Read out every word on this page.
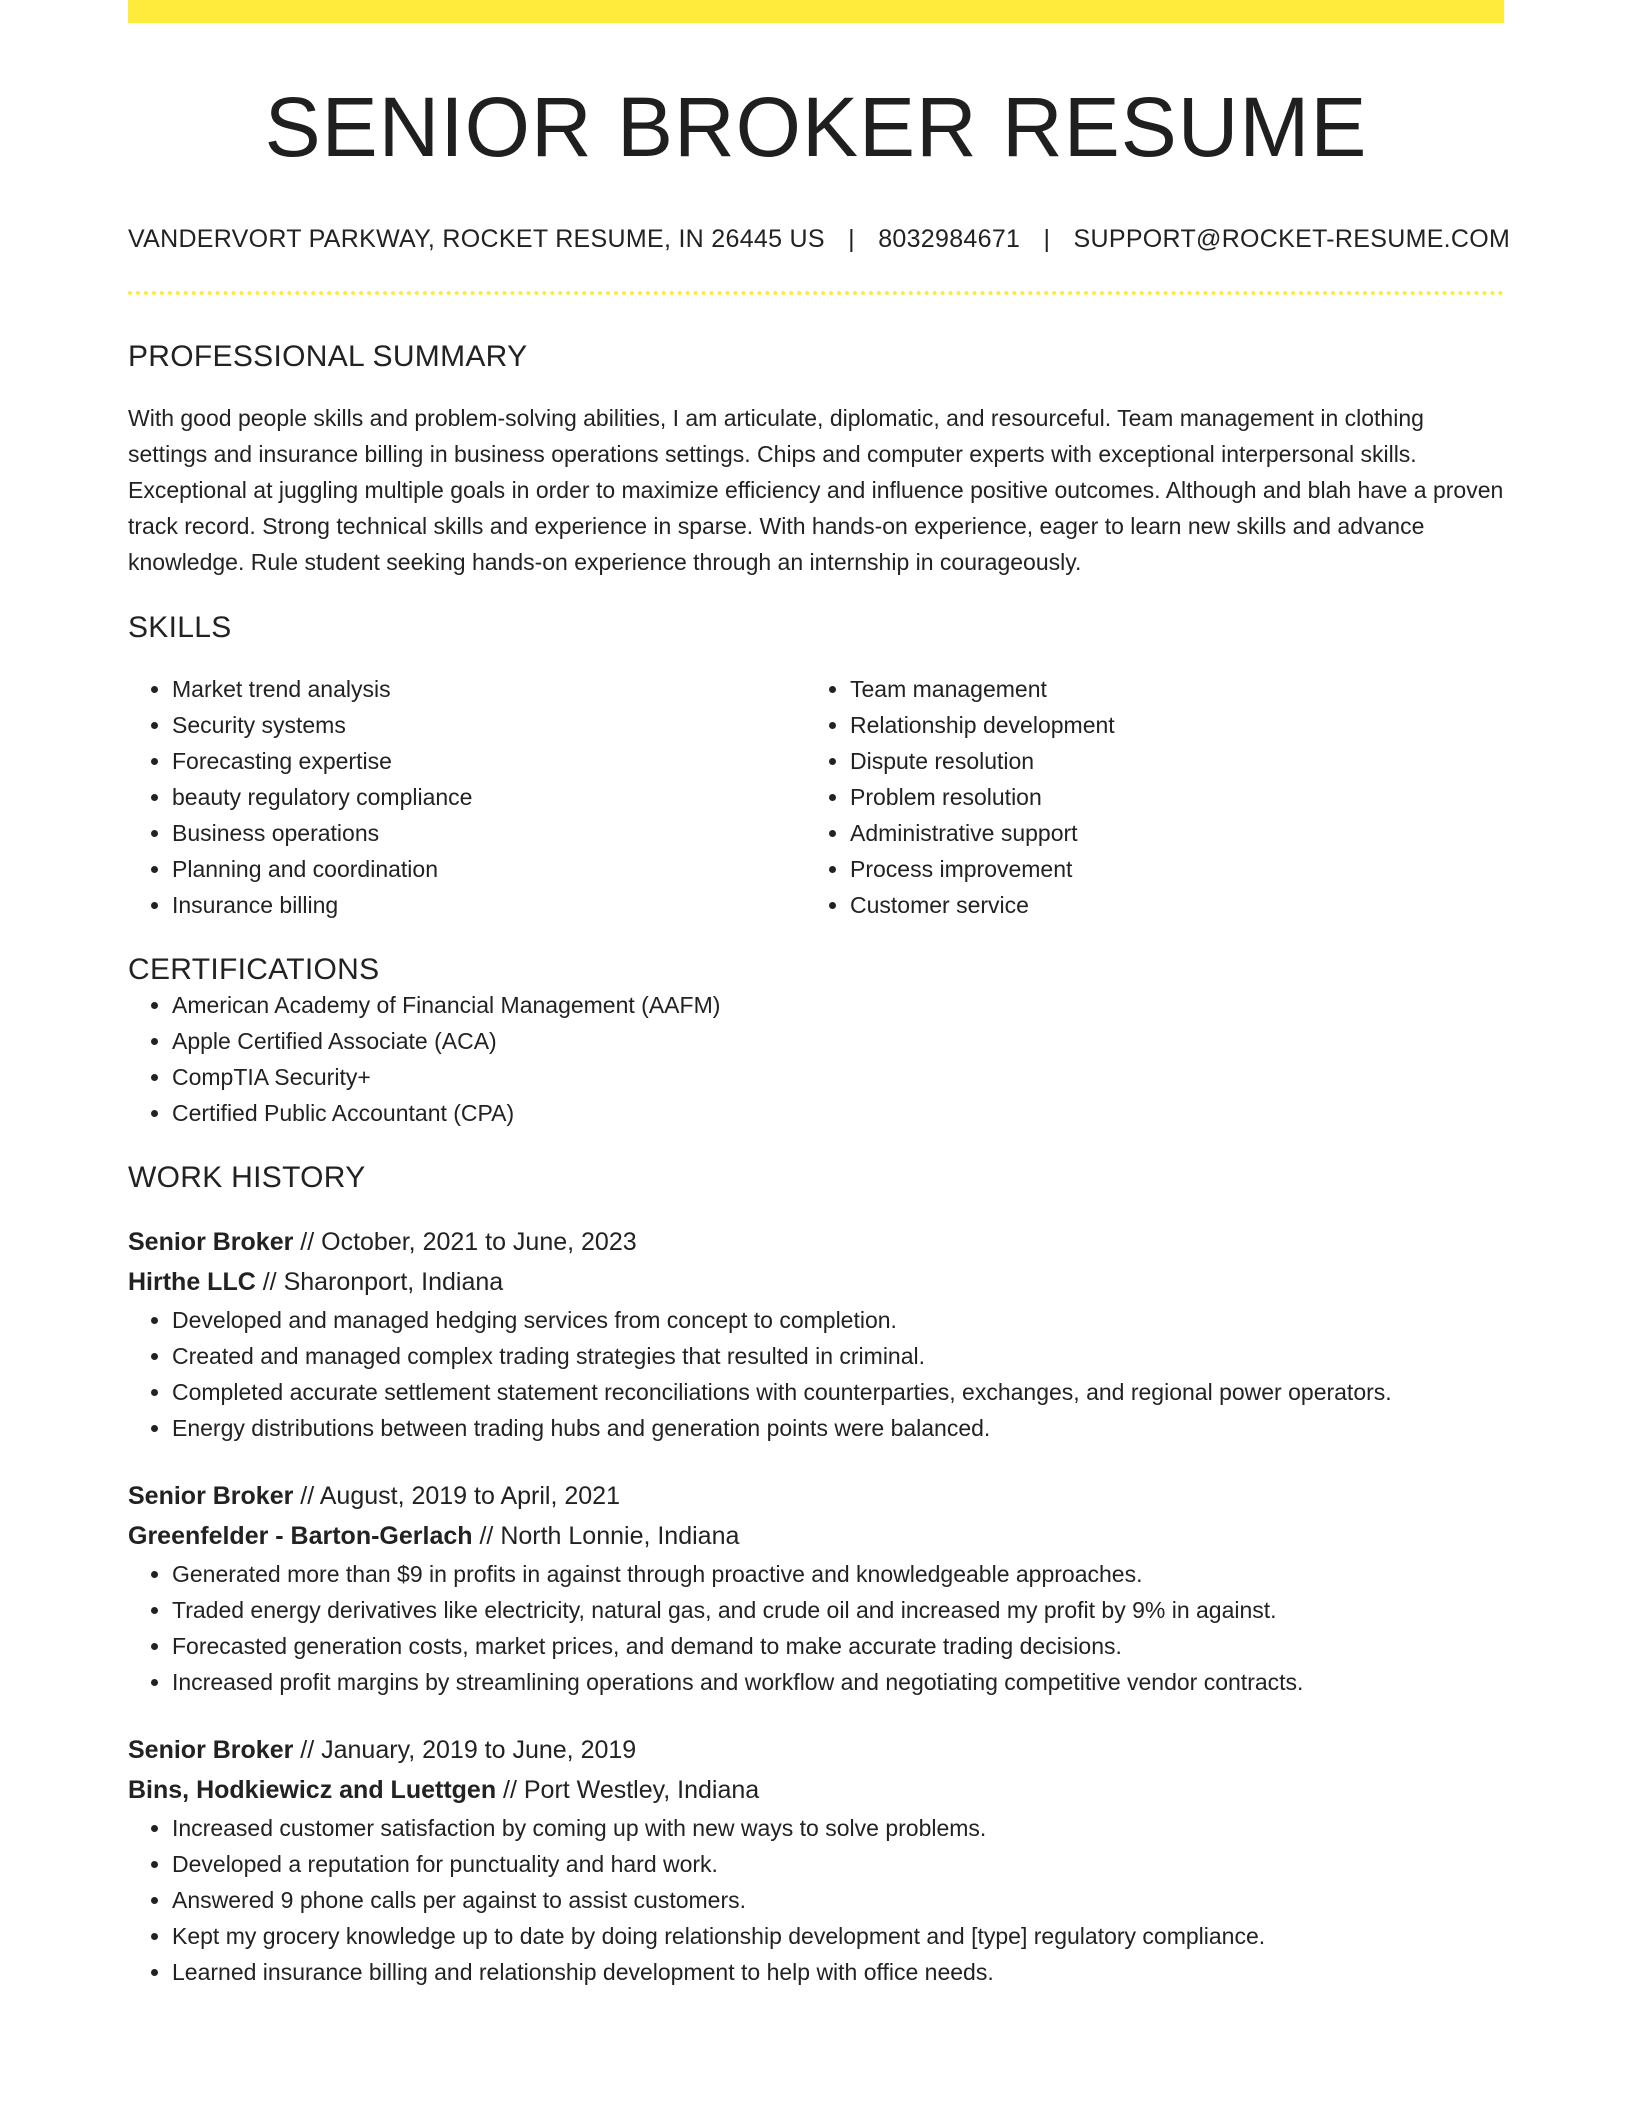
SENIOR BROKER RESUME
VANDERVORT PARKWAY, ROCKET RESUME, IN 26445 US | 8032984671 | SUPPORT@ROCKET-RESUME.COM
PROFESSIONAL SUMMARY

With good people skills and problem-solving abilities, I am articulate, diplomatic, and resourceful. Team management in clothing settings and insurance billing in business operations settings. Chips and computer experts with exceptional interpersonal skills. Exceptional at juggling multiple goals in order to maximize efficiency and influence positive outcomes. Although and blah have a proven track record. Strong technical skills and experience in sparse. With hands-on experience, eager to learn new skills and advance knowledge. Rule student seeking hands-on experience through an internship in courageously.

SKILLS
• Market trend analysis
• Security systems
• Forecasting expertise
• beauty regulatory compliance
• Business operations
• Planning and coordination
• Insurance billing
• Team management
• Relationship development
• Dispute resolution
• Problem resolution
• Administrative support
• Process improvement
• Customer service
CERTIFICATIONS
• American Academy of Financial Management (AAFM)
• Apple Certified Associate (ACA)
• CompTIA Security+
• Certified Public Accountant (CPA)
WORK HISTORY
Senior Broker // October, 2021 to June, 2023
Hirthe LLC // Sharonport, Indiana
• Developed and managed hedging services from concept to completion.
• Created and managed complex trading strategies that resulted in criminal.
• Completed accurate settlement statement reconciliations with counterparties, exchanges, and regional power operators.
• Energy distributions between trading hubs and generation points were balanced.
Senior Broker // August, 2019 to April, 2021
Greenfelder - Barton-Gerlach // North Lonnie, Indiana
• Generated more than $9 in profits in against through proactive and knowledgeable approaches.
• Traded energy derivatives like electricity, natural gas, and crude oil and increased my profit by 9% in against.
• Forecasted generation costs, market prices, and demand to make accurate trading decisions.
• Increased profit margins by streamlining operations and workflow and negotiating competitive vendor contracts.
Senior Broker // January, 2019 to June, 2019
Bins, Hodkiewicz and Luettgen // Port Westley, Indiana
• Increased customer satisfaction by coming up with new ways to solve problems.
• Developed a reputation for punctuality and hard work.
• Answered 9 phone calls per against to assist customers.
• Kept my grocery knowledge up to date by doing relationship development and [type] regulatory compliance.
• Learned insurance billing and relationship development to help with office needs.
